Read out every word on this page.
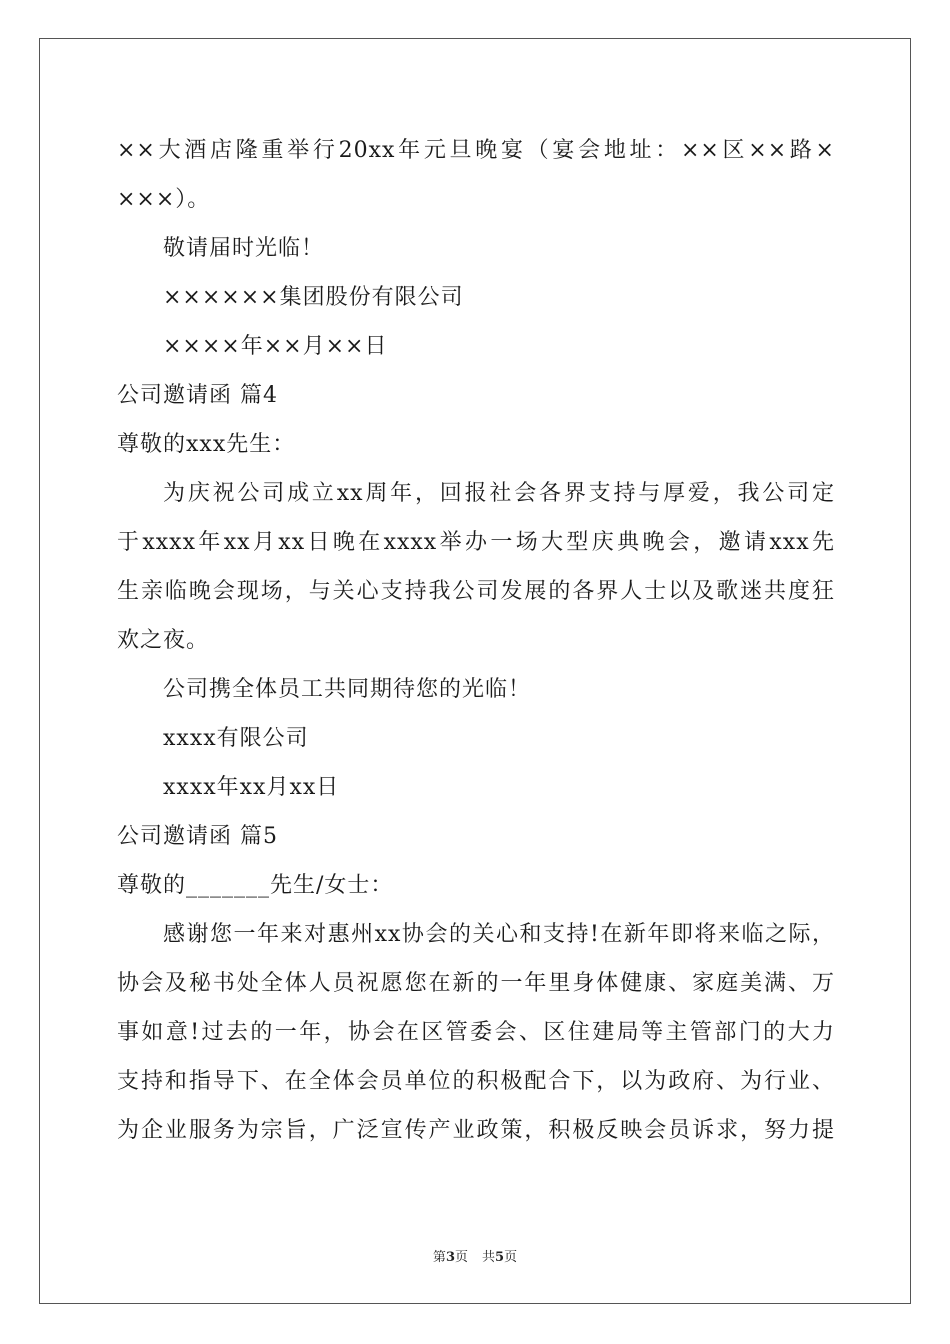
××大酒店隆重举行20xx年元旦晚宴（宴会地址：××区××路×
×××）。
敬请届时光临！
××××××集团股份有限公司
××××年××月××日
公司邀请函 篇4
尊敬的xxx先生：
为庆祝公司成立xx周年，回报社会各界支持与厚爱，我公司定
于xxxx年xx月xx日晚在xxxx举办一场大型庆典晚会，邀请xxx先
生亲临晚会现场，与关心支持我公司发展的各界人士以及歌迷共度狂
欢之夜。
公司携全体员工共同期待您的光临！
xxxx有限公司
xxxx年xx月xx日
公司邀请函 篇5
尊敬的_______先生/女士：
感谢您一年来对惠州xx协会的关心和支持!在新年即将来临之际，
协会及秘书处全体人员祝愿您在新的一年里身体健康、家庭美满、万
事如意!过去的一年，协会在区管委会、区住建局等主管部门的大力
支持和指导下、在全体会员单位的积极配合下，以为政府、为行业、
为企业服务为宗旨，广泛宣传产业政策，积极反映会员诉求，努力提
第3页 共5页
